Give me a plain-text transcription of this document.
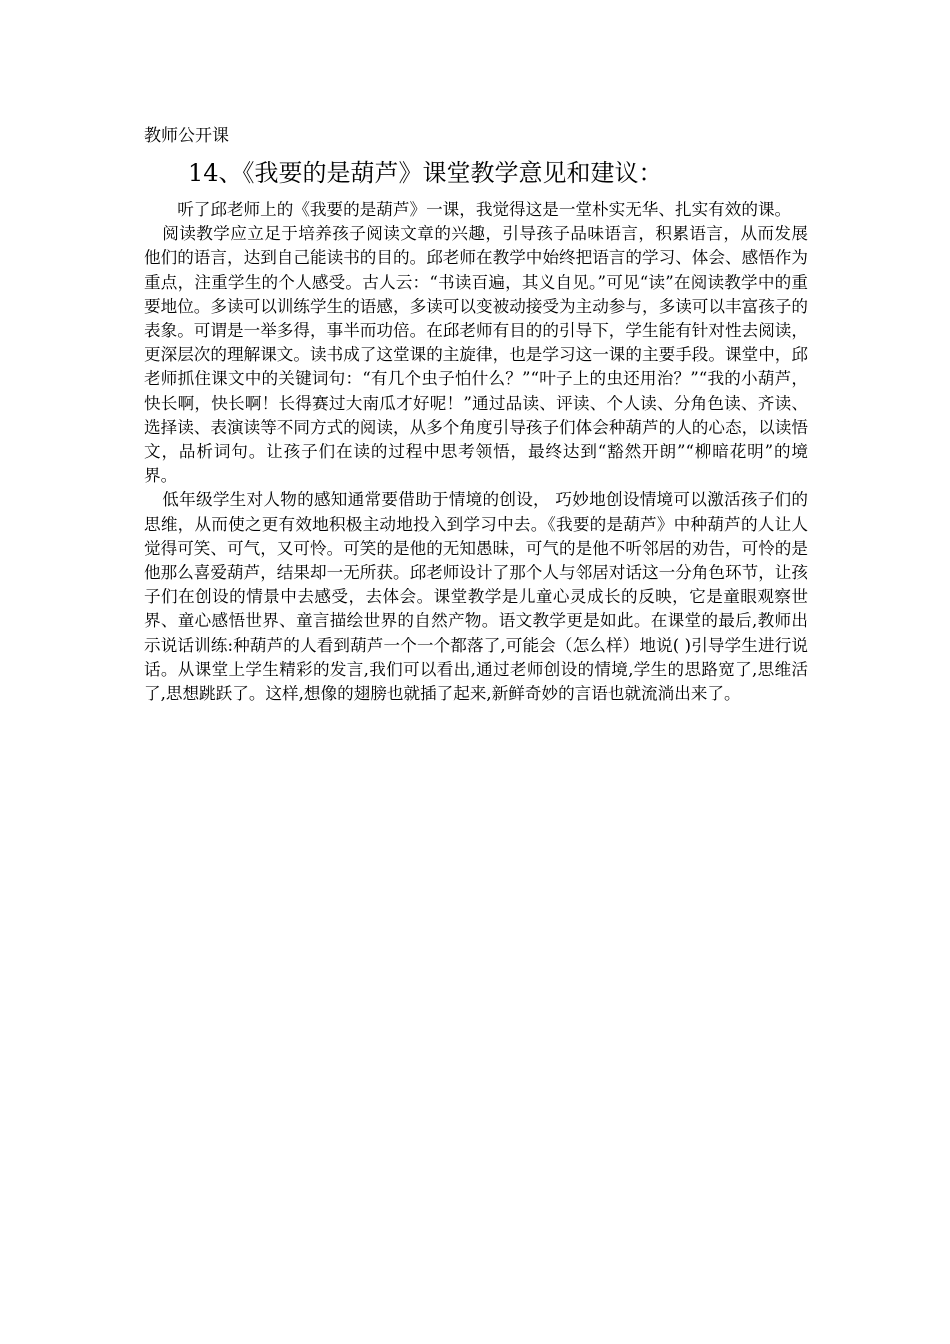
教师公开课
14、《我要的是葫芦》课堂教学意见和建议：

听了邱老师上的《我要的是葫芦》一课，我觉得这是一堂朴实无华、扎实有效的课。

阅读教学应立足于培养孩子阅读文章的兴趣，引导孩子品味语言，积累语言，从而发展他们的语言，达到自己能读书的目的。邱老师在教学中始终把语言的学习、体会、感悟作为重点，注重学生的个人感受。古人云：“书读百遍，其义自见。”可见“读”在阅读教学中的重要地位。多读可以训练学生的语感，多读可以变被动接受为主动参与，多读可以丰富孩子的表象。可谓是一举多得，事半而功倍。在邱老师有目的的引导下，学生能有针对性去阅读，更深层次的理解课文。读书成了这堂课的主旋律，也是学习这一课的主要手段。课堂中，邱老师抓住课文中的关键词句：“有几个虫子怕什么？”“叶子上的虫还用治？”“我的小葫芦，快长啊，快长啊！长得赛过大南瓜才好呢！”通过品读、评读、个人读、分角色读、齐读、选择读、表演读等不同方式的阅读，从多个角度引导孩子们体会种葫芦的人的心态，以读悟文，品析词句。让孩子们在读的过程中思考领悟，最终达到“豁然开朗”“柳暗花明”的境界。

低年级学生对人物的感知通常要借助于情境的创设， 巧妙地创设情境可以激活孩子们的思维，从而使之更有效地积极主动地投入到学习中去。《我要的是葫芦》中种葫芦的人让人觉得可笑、可气，又可怜。可笑的是他的无知愚昧，可气的是他不听邻居的劝告，可怜的是他那么喜爱葫芦，结果却一无所获。邱老师设计了那个人与邻居对话这一分角色环节，让孩子们在创设的情景中去感受，去体会。课堂教学是儿童心灵成长的反映，它是童眼观察世界、童心感悟世界、童言描绘世界的自然产物。语文教学更是如此。在课堂的最后,教师出示说话训练:种葫芦的人看到葫芦一个一个都落了,可能会（怎么样）地说( )引导学生进行说话。从课堂上学生精彩的发言,我们可以看出,通过老师创设的情境,学生的思路宽了,思维活了,思想跳跃了。这样,想像的翅膀也就插了起来,新鲜奇妙的言语也就流淌出来了。
